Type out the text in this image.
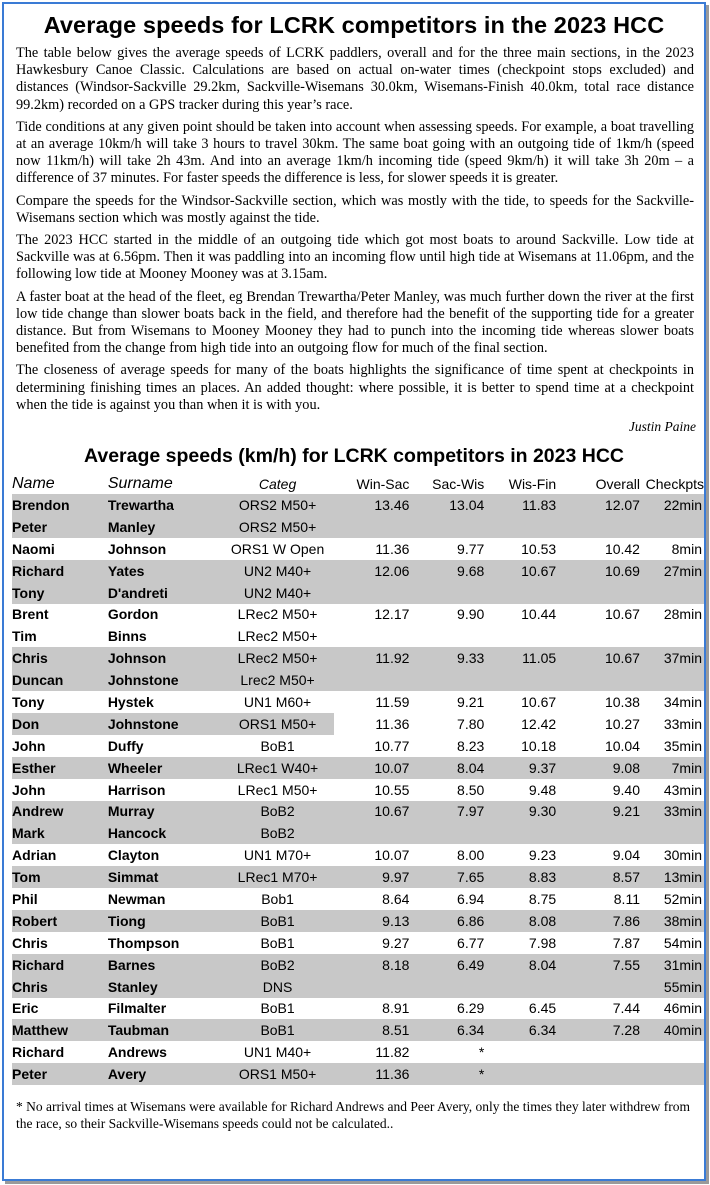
Average speeds for LCRK competitors in the 2023 HCC

The table below gives the average speeds of LCRK paddlers, overall and for the three main sections, in the 2023 Hawkesbury Canoe Classic. Calculations are based on actual on-water times (checkpoint stops excluded) and distances (Windsor-Sackville 29.2km, Sackville-Wisemans 30.0km, Wisemans-Finish 40.0km, total race distance 99.2km) recorded on a GPS tracker during this year’s race.

Tide conditions at any given point should be taken into account when assessing speeds. For example, a boat travelling at an average 10km/h will take 3 hours to travel 30km. The same boat going with an outgoing tide of 1km/h (speed now 11km/h) will take 2h 43m. And into an average 1km/h incoming tide (speed 9km/h) it will take 3h 20m – a difference of 37 minutes. For faster speeds the difference is less, for slower speeds it is greater.

Compare the speeds for the Windsor-Sackville section, which was mostly with the tide, to speeds for the Sackville-Wisemans section which was mostly against the tide.

The 2023 HCC started in the middle of an outgoing tide which got most boats to around Sackville. Low tide at Sackville was at 6.56pm. Then it was paddling into an incoming flow until high tide at Wisemans at 11.06pm, and the following low tide at Mooney Mooney was at 3.15am.

A faster boat at the head of the fleet, eg Brendan Trewartha/Peter Manley, was much further down the river at the first low tide change than slower boats back in the field, and therefore had the benefit of the supporting tide for a greater distance. But from Wisemans to Mooney Mooney they had to punch into the incoming tide whereas slower boats benefited from the change from high tide into an outgoing flow for much of the final section.

The closeness of average speeds for many of the boats highlights the significance of time spent at checkpoints in determining finishing times an places. An added thought: where possible, it is better to spend time at a checkpoint when the tide is against you than when it is with you.

Justin Paine
Average speeds (km/h) for LCRK competitors in 2023 HCC
Name	Surname	Categ	Win-Sac	Sac-Wis	Wis-Fin	Overall	Checkpts
Brendon	Trewartha	ORS2 M50+	13.46	13.04	11.83	12.07	22min
Peter	Manley	ORS2 M50+					
Naomi	Johnson	ORS1 W Open	11.36	9.77	10.53	10.42	8min
Richard	Yates	UN2 M40+	12.06	9.68	10.67	10.69	27min
Tony	D'andreti	UN2 M40+					
Brent	Gordon	LRec2 M50+	12.17	9.90	10.44	10.67	28min
Tim	Binns	LRec2 M50+					
Chris	Johnson	LRec2 M50+	11.92	9.33	11.05	10.67	37min
Duncan	Johnstone	Lrec2 M50+					
Tony	Hystek	UN1 M60+	11.59	9.21	10.67	10.38	34min
Don	Johnstone	ORS1 M50+	11.36	7.80	12.42	10.27	33min
John	Duffy	BoB1	10.77	8.23	10.18	10.04	35min
Esther	Wheeler	LRec1 W40+	10.07	8.04	9.37	9.08	7min
John	Harrison	LRec1 M50+	10.55	8.50	9.48	9.40	43min
Andrew	Murray	BoB2	10.67	7.97	9.30	9.21	33min
Mark	Hancock	BoB2					
Adrian	Clayton	UN1 M70+	10.07	8.00	9.23	9.04	30min
Tom	Simmat	LRec1 M70+	9.97	7.65	8.83	8.57	13min
Phil	Newman	Bob1	8.64	6.94	8.75	8.11	52min
Robert	Tiong	BoB1	9.13	6.86	8.08	7.86	38min
Chris	Thompson	BoB1	9.27	6.77	7.98	7.87	54min
Richard	Barnes	BoB2	8.18	6.49	8.04	7.55	31min
Chris	Stanley	DNS					55min
Eric	Filmalter	BoB1	8.91	6.29	6.45	7.44	46min
Matthew	Taubman	BoB1	8.51	6.34	6.34	7.28	40min
Richard	Andrews	UN1 M40+	11.82	*			
Peter	Avery	ORS1 M50+	11.36	*			
* No arrival times at Wisemans were available for Richard Andrews and Peer Avery, only the times they later withdrew from the race, so their Sackville-Wisemans speeds could not be calculated..
